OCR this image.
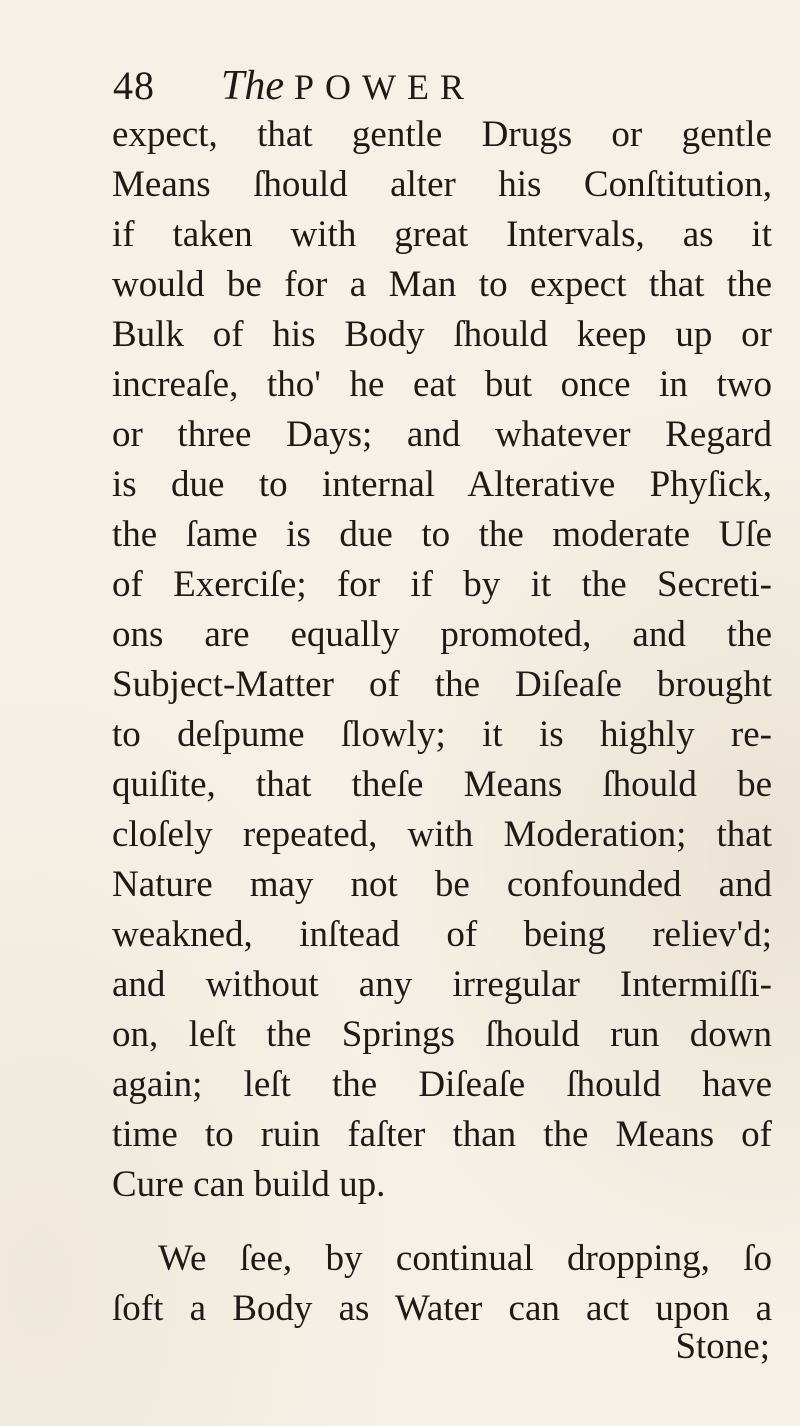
48 The POWER
expect, that gentle Drugs or gentle
Means ſhould alter his Conſtitution,
if taken with great Intervals, as it
would be for a Man to expect that the
Bulk of his Body ſhould keep up or
increaſe, tho' he eat but once in two
or three Days; and whatever Regard
is due to internal Alterative Phyſick,
the ſame is due to the moderate Uſe
of Exerciſe; for if by it the Secreti-
ons are equally promoted, and the
Subject-Matter of the Diſeaſe brought
to deſpume ſlowly; it is highly re-
quiſite, that theſe Means ſhould be
cloſely repeated, with Moderation; that
Nature may not be confounded and
weakned, inſtead of being reliev'd;
and without any irregular Intermiſſi-
on, leſt the Springs ſhould run down
again; leſt the Diſeaſe ſhould have
time to ruin faſter than the Means of
Cure can build up.
We ſee, by continual dropping, ſo
ſoft a Body as Water can act upon a
Stone;
